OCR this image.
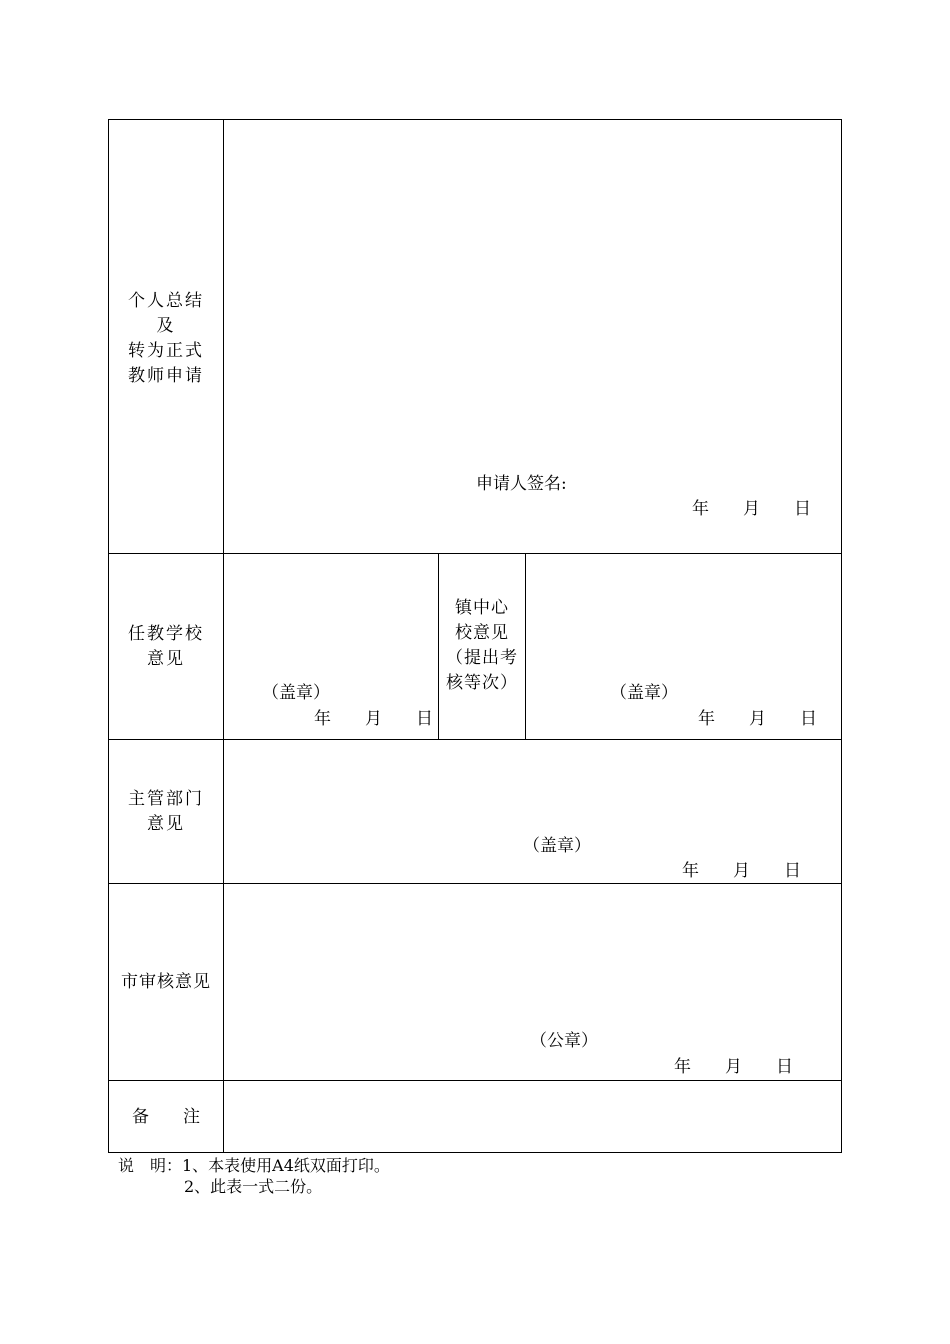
个人总结
及
转为正式
教师申请
申请人签名:
年　　月　　日
任教学校
意见
（盖章）
年　　月　　日
镇中心
校意见
（提出考
核等次）	（盖章）
年　　月　　日
主管部门
意见
（盖章）
年　　月　　日
市审核意见
（公章）
年　　月　　日
备　　注
说　明：1、本表使用A4纸双面打印。
2、此表一式二份。
